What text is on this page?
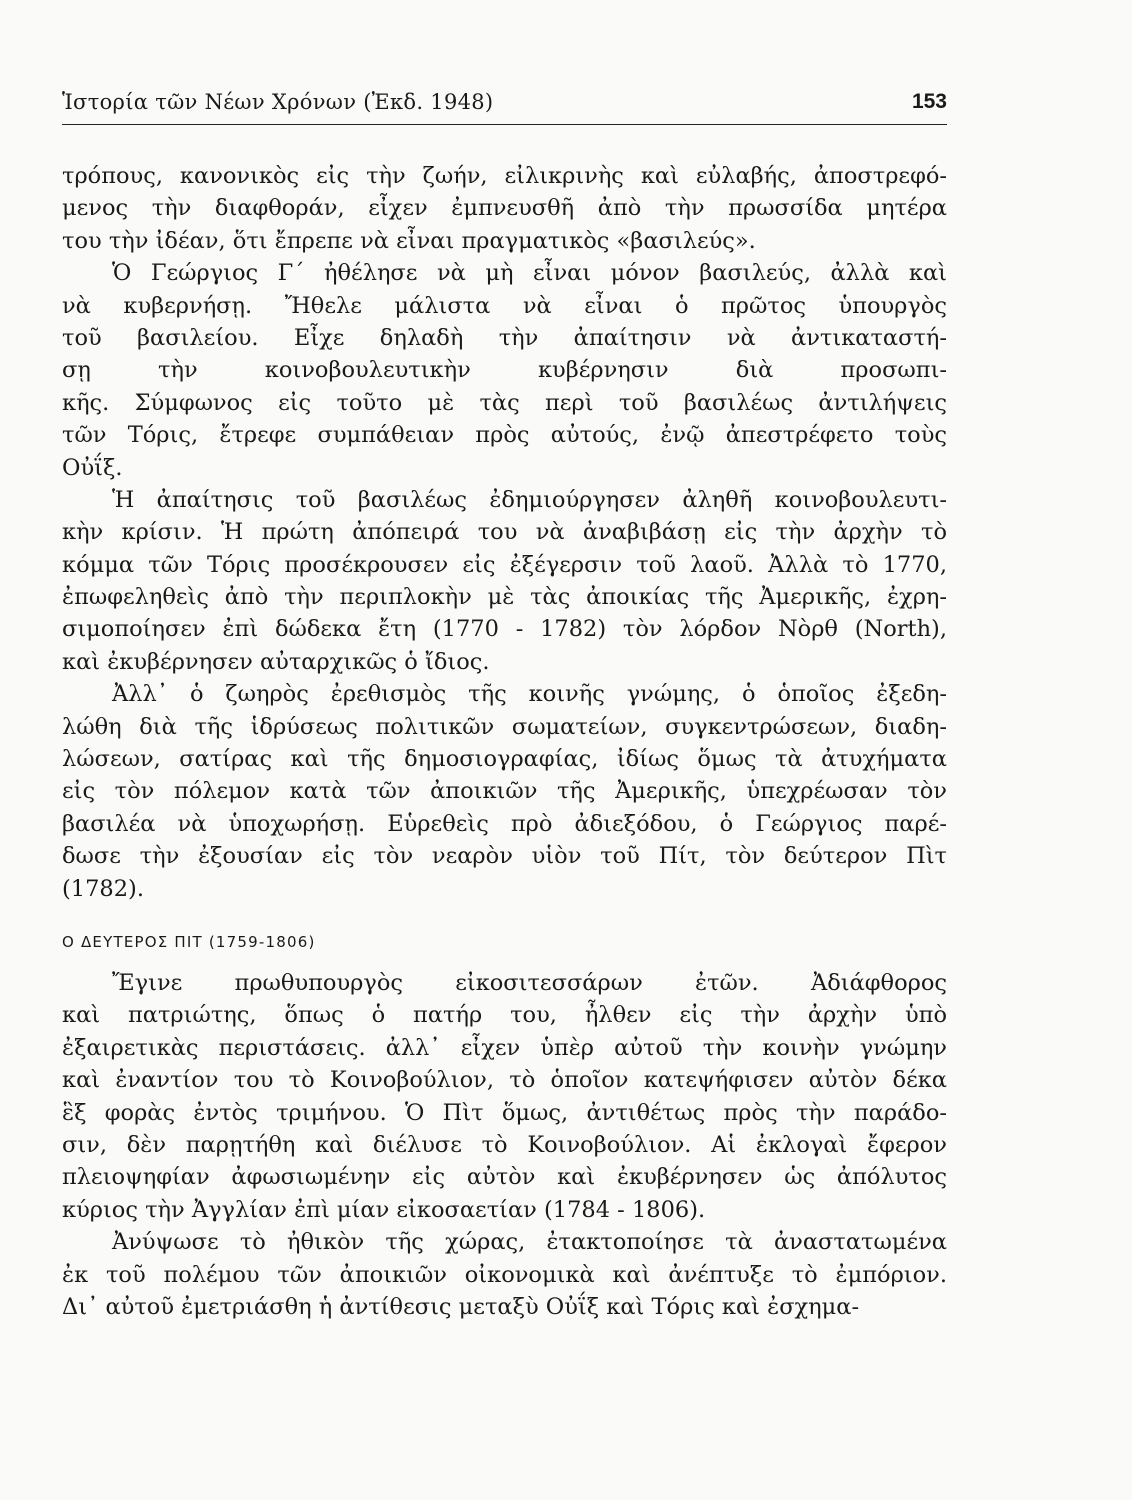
Ἱστορία τῶν Νέων Χρόνων (Ἐκδ. 1948)	153
τρόπους, κανονικὸς εἰς τὴν ζωήν, εἰλικρινὴς καὶ εὐλαβής, ἀποστρεφό-
μενος τὴν διαφθοράν, εἶχεν ἐμπνευσθῆ ἀπὸ τὴν πρωσσίδα μητέρα
του τὴν ἰδέαν, ὅτι ἔπρεπε νὰ εἶναι πραγματικὸς «βασιλεύς».
Ὁ Γεώργιος Γ΄ ἠθέλησε νὰ μὴ εἶναι μόνον βασιλεύς, ἀλλὰ καὶ
νὰ κυβερνήσῃ. Ἤθελε μάλιστα νὰ εἶναι ὁ πρῶτος ὑπουργὸς
τοῦ βασιλείου. Εἶχε δηλαδὴ τὴν ἀπαίτησιν νὰ ἀντικαταστή-
σῃ τὴν κοινοβουλευτικὴν κυβέρνησιν διὰ προσωπι-
κῆς. Σύμφωνος εἰς τοῦτο μὲ τὰς περὶ τοῦ βασιλέως ἀντιλήψεις
τῶν Τόρις, ἔτρεφε συμπάθειαν πρὸς αὐτούς, ἐνῷ ἀπεστρέφετο τοὺς
Οὐΐξ.
Ἡ ἀπαίτησις τοῦ βασιλέως ἐδημιούργησεν ἀληθῆ κοινοβουλευτι-
κὴν κρίσιν. Ἡ πρώτη ἀπόπειρά του νὰ ἀναβιβάσῃ εἰς τὴν ἀρχὴν τὸ
κόμμα τῶν Τόρις προσέκρουσεν εἰς ἐξέγερσιν τοῦ λαοῦ. Ἀλλὰ τὸ 1770,
ἐπωφεληθεὶς ἀπὸ τὴν περιπλοκὴν μὲ τὰς ἀποικίας τῆς Ἀμερικῆς, ἐχρη-
σιμοποίησεν ἐπὶ δώδεκα ἔτη (1770 - 1782) τὸν λόρδον Νὸρθ (North),
καὶ ἐκυβέρνησεν αὐταρχικῶς ὁ ἴδιος.
Ἀλλ᾽ ὁ ζωηρὸς ἐρεθισμὸς τῆς κοινῆς γνώμης, ὁ ὁποῖος ἐξεδη-
λώθη διὰ τῆς ἱδρύσεως πολιτικῶν σωματείων, συγκεντρώσεων, διαδη-
λώσεων, σατίρας καὶ τῆς δημοσιογραφίας, ἰδίως ὅμως τὰ ἀτυχήματα
εἰς τὸν πόλεμον κατὰ τῶν ἀποικιῶν τῆς Ἀμερικῆς, ὑπεχρέωσαν τὸν
βασιλέα νὰ ὑποχωρήσῃ. Εὑρεθεὶς πρὸ ἀδιεξόδου, ὁ Γεώργιος παρέ-
δωσε τὴν ἐξουσίαν εἰς τὸν νεαρὸν υἱὸν τοῦ Πίτ, τὸν δεύτερον Πὶτ
(1782).
Ο ΔΕΥΤΕΡΟΣ ΠΙΤ (1759-1806)
Ἔγινε πρωθυπουργὸς εἰκοσιτεσσάρων ἐτῶν. Ἀδιάφθορος
καὶ πατριώτης, ὅπως ὁ πατήρ του, ἦλθεν εἰς τὴν ἀρχὴν ὑπὸ
ἐξαιρετικὰς περιστάσεις. ἀλλ᾽ εἶχεν ὑπὲρ αὐτοῦ τὴν κοινὴν γνώμην
καὶ ἐναντίον του τὸ Κοινοβούλιον, τὸ ὁποῖον κατεψήφισεν αὐτὸν δέκα
ἓξ φορὰς ἐντὸς τριμήνου. Ὁ Πὶτ ὅμως, ἀντιθέτως πρὸς τὴν παράδο-
σιν, δὲν παρῃτήθη καὶ διέλυσε τὸ Κοινοβούλιον. Αἱ ἐκλογαὶ ἔφερον
πλειοψηφίαν ἀφωσιωμένην εἰς αὐτὸν καὶ ἐκυβέρνησεν ὡς ἀπόλυτος
κύριος τὴν Ἀγγλίαν ἐπὶ μίαν εἰκοσαετίαν (1784 - 1806).
Ἀνύψωσε τὸ ἠθικὸν τῆς χώρας, ἐτακτοποίησε τὰ ἀναστατωμένα
ἐκ τοῦ πολέμου τῶν ἀποικιῶν οἰκονομικὰ καὶ ἀνέπτυξε τὸ ἐμπόριον.
Δι᾽ αὐτοῦ ἐμετριάσθη ἡ ἀντίθεσις μεταξὺ Οὐΐξ καὶ Τόρις καὶ ἐσχημα-
